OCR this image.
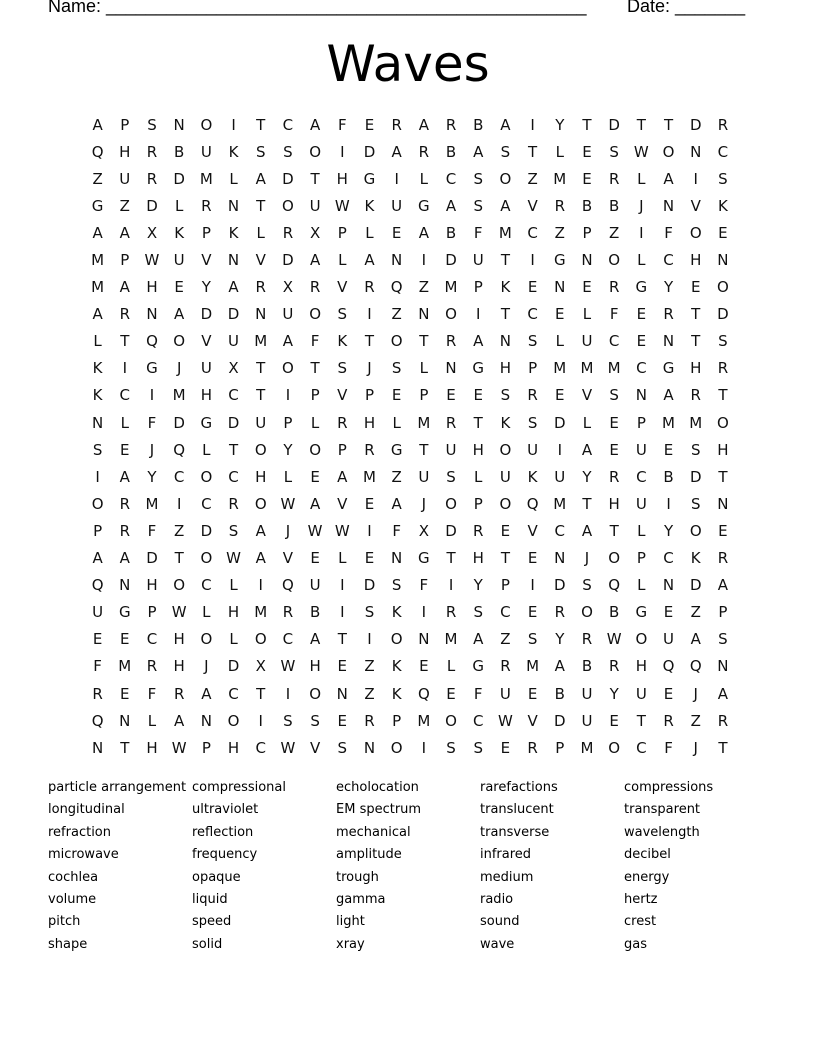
Name: ________________________________________________ Date: _______
Waves
A	P	S	N	O	I	T	C	A	F	E	R	A	R	B	A	I	Y	T	D	T	T	D	R
Q	H	R	B	U	K	S	S	O	I	D	A	R	B	A	S	T	L	E	S	W	O	N	C
Z	U	R	D	M	L	A	D	T	H	G	I	L	C	S	O	Z	M	E	R	L	A	I	S
G	Z	D	L	R	N	T	O	U	W	K	U	G	A	S	A	V	R	B	B	J	N	V	K
A	A	X	K	P	K	L	R	X	P	L	E	A	B	F	M	C	Z	P	Z	I	F	O	E
M	P	W	U	V	N	V	D	A	L	A	N	I	D	U	T	I	G	N	O	L	C	H	N
M	A	H	E	Y	A	R	X	R	V	R	Q	Z	M	P	K	E	N	E	R	G	Y	E	O
A	R	N	A	D	D	N	U	O	S	I	Z	N	O	I	T	C	E	L	F	E	R	T	D
L	T	Q	O	V	U	M	A	F	K	T	O	T	R	A	N	S	L	U	C	E	N	T	S
K	I	G	J	U	X	T	O	T	S	J	S	L	N	G	H	P	M	M	M	C	G	H	R
K	C	I	M	H	C	T	I	P	V	P	E	P	E	E	S	R	E	V	S	N	A	R	T
N	L	F	D	G	D	U	P	L	R	H	L	M	R	T	K	S	D	L	E	P	M	M	O
S	E	J	Q	L	T	O	Y	O	P	R	G	T	U	H	O	U	I	A	E	U	E	S	H
I	A	Y	C	O	C	H	L	E	A	M	Z	U	S	L	U	K	U	Y	R	C	B	D	T
O	R	M	I	C	R	O	W	A	V	E	A	J	O	P	O	Q	M	T	H	U	I	S	N
P	R	F	Z	D	S	A	J	W	W	I	F	X	D	R	E	V	C	A	T	L	Y	O	E
A	A	D	T	O	W	A	V	E	L	E	N	G	T	H	T	E	N	J	O	P	C	K	R
Q	N	H	O	C	L	I	Q	U	I	D	S	F	I	Y	P	I	D	S	Q	L	N	D	A
U	G	P	W	L	H	M	R	B	I	S	K	I	R	S	C	E	R	O	B	G	E	Z	P
E	E	C	H	O	L	O	C	A	T	I	O	N	M	A	Z	S	Y	R	W	O	U	A	S
F	M	R	H	J	D	X	W	H	E	Z	K	E	L	G	R	M	A	B	R	H	Q	Q	N
R	E	F	R	A	C	T	I	O	N	Z	K	Q	E	F	U	E	B	U	Y	U	E	J	A
Q	N	L	A	N	O	I	S	S	E	R	P	M	O	C	W	V	D	U	E	T	R	Z	R
N	T	H	W	P	H	C	W	V	S	N	O	I	S	S	E	R	P	M	O	C	F	J	T
particle arrangement
longitudinal
refraction
microwave
cochlea
volume
pitch
shape
compressional
ultraviolet
reflection
frequency
opaque
liquid
speed
solid
echolocation
EM spectrum
mechanical
amplitude
trough
gamma
light
xray
rarefactions
translucent
transverse
infrared
medium
radio
sound
wave
compressions
transparent
wavelength
decibel
energy
hertz
crest
gas
